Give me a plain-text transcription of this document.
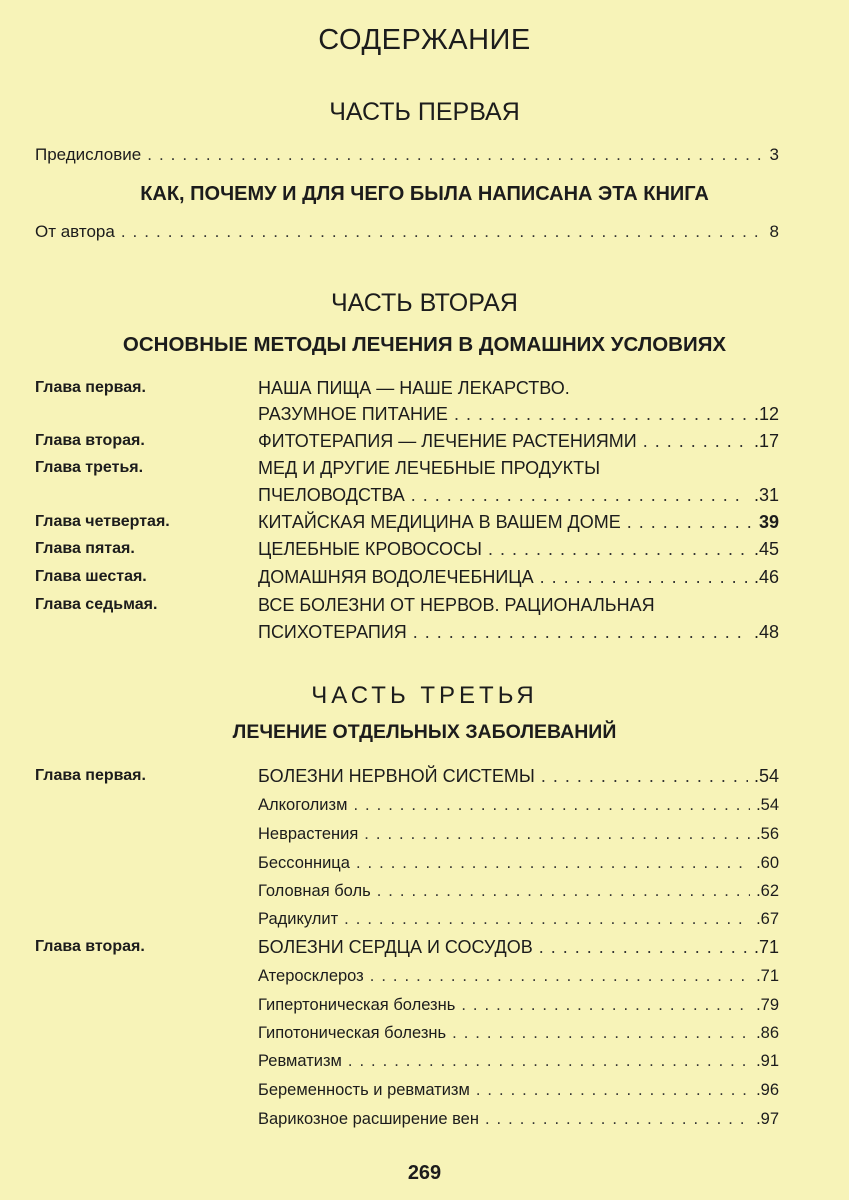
СОДЕРЖАНИЕ
ЧАСТЬ ПЕРВАЯ
Предисловие .....	3
КАК, ПОЧЕМУ И ДЛЯ ЧЕГО БЫЛА НАПИСАНА ЭТА КНИГА
От автора .....	8
ЧАСТЬ ВТОРАЯ
ОСНОВНЫЕ МЕТОДЫ ЛЕЧЕНИЯ В ДОМАШНИХ УСЛОВИЯХ
Глава первая.	НАША ПИЩА — НАШЕ ЛЕКАРСТВО.
РАЗУМНОЕ ПИТАНИЕ .....	.12
Глава вторая.	ФИТОТЕРАПИЯ — ЛЕЧЕНИЕ РАСТЕНИЯМИ .....	.17
Глава третья.	МЕД И ДРУГИЕ ЛЕЧЕБНЫЕ ПРОДУКТЫ
ПЧЕЛОВОДСТВА .....	.31
Глава четвертая.	КИТАЙСКАЯ МЕДИЦИНА В ВАШЕМ ДОМЕ .....	39
Глава пятая.	ЦЕЛЕБНЫЕ КРОВОСОСЫ .....	.45
Глава шестая.	ДОМАШНЯЯ ВОДОЛЕЧЕБНИЦА .....	.46
Глава седьмая.	ВСЕ БОЛЕЗНИ ОТ НЕРВОВ. РАЦИОНАЛЬНАЯ
ПСИХОТЕРАПИЯ .....	.48
ЧАСТЬ ТРЕТЬЯ
ЛЕЧЕНИЕ ОТДЕЛЬНЫХ ЗАБОЛЕВАНИЙ
Глава первая.	БОЛЕЗНИ НЕРВНОЙ СИСТЕМЫ .....	.54
Алкоголизм .....	.54
Неврастения .....	.56
Бессонница .....	.60
Головная боль .....	.62
Радикулит .....	.67
Глава вторая.	БОЛЕЗНИ СЕРДЦА И СОСУДОВ .....	.71
Атеросклероз .....	.71
Гипертоническая болезнь .....	.79
Гипотоническая болезнь .....	.86
Ревматизм .....	.91
Беременность и ревматизм .....	.96
Варикозное расширение вен .....	.97
269
